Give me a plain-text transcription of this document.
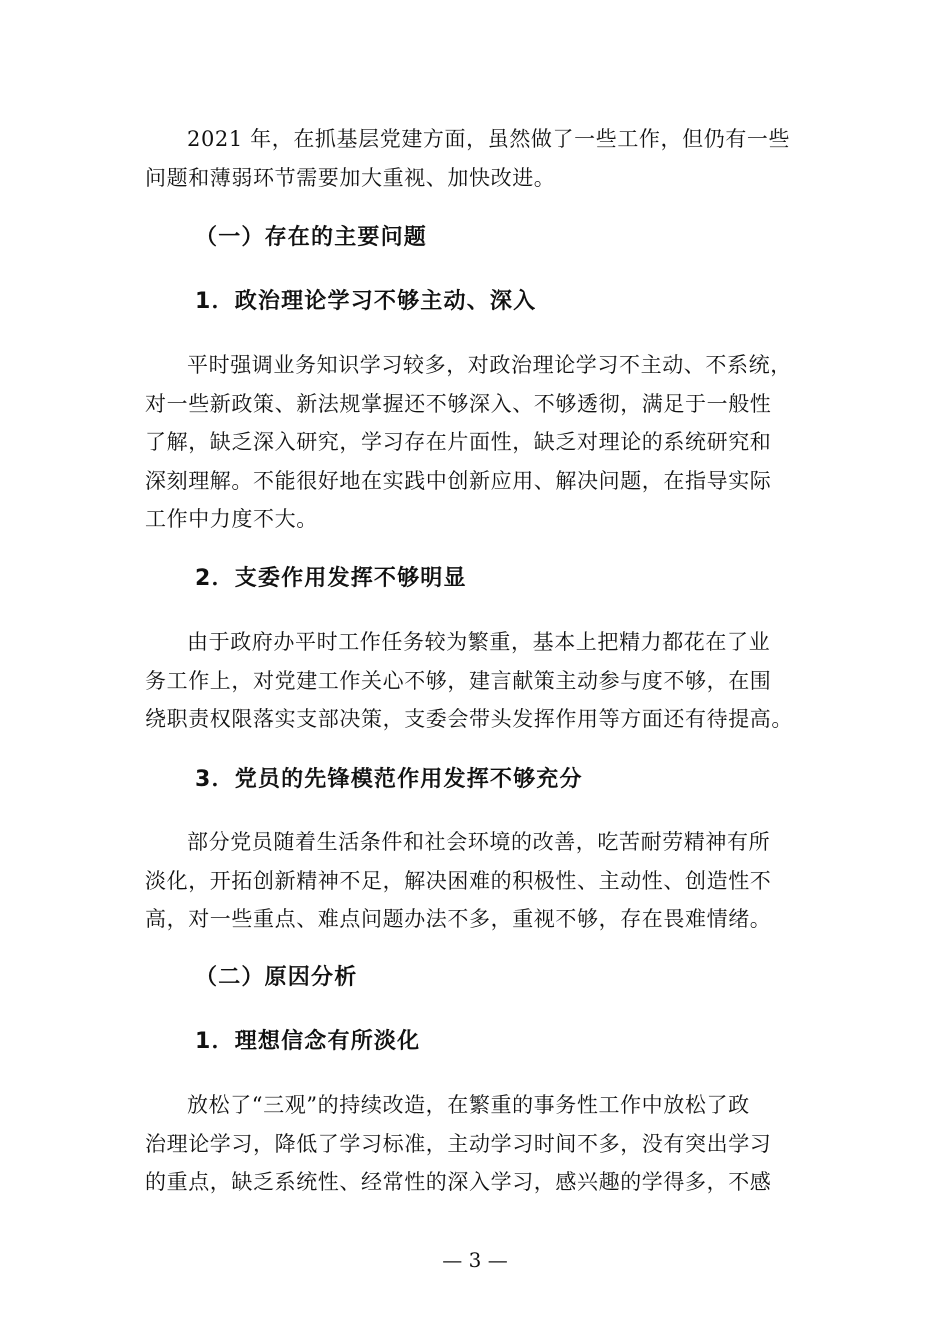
2021 年，在抓基层党建方面，虽然做了一些工作，但仍有一些
问题和薄弱环节需要加大重视、加快改进。
（一）存在的主要问题
1．政治理论学习不够主动、深入
平时强调业务知识学习较多，对政治理论学习不主动、不系统，
对一些新政策、新法规掌握还不够深入、不够透彻，满足于一般性
了解，缺乏深入研究，学习存在片面性，缺乏对理论的系统研究和
深刻理解。不能很好地在实践中创新应用、解决问题，在指导实际
工作中力度不大。
2．支委作用发挥不够明显
由于政府办平时工作任务较为繁重，基本上把精力都花在了业
务工作上，对党建工作关心不够，建言献策主动参与度不够，在围
绕职责权限落实支部决策，支委会带头发挥作用等方面还有待提高。
3．党员的先锋模范作用发挥不够充分
部分党员随着生活条件和社会环境的改善，吃苦耐劳精神有所
淡化，开拓创新精神不足，解决困难的积极性、主动性、创造性不
高，对一些重点、难点问题办法不多，重视不够，存在畏难情绪。
（二）原因分析
1．理想信念有所淡化
放松了“三观”的持续改造，在繁重的事务性工作中放松了政
治理论学习，降低了学习标准，主动学习时间不多，没有突出学习
的重点，缺乏系统性、经常性的深入学习，感兴趣的学得多，不感
— 3 —
